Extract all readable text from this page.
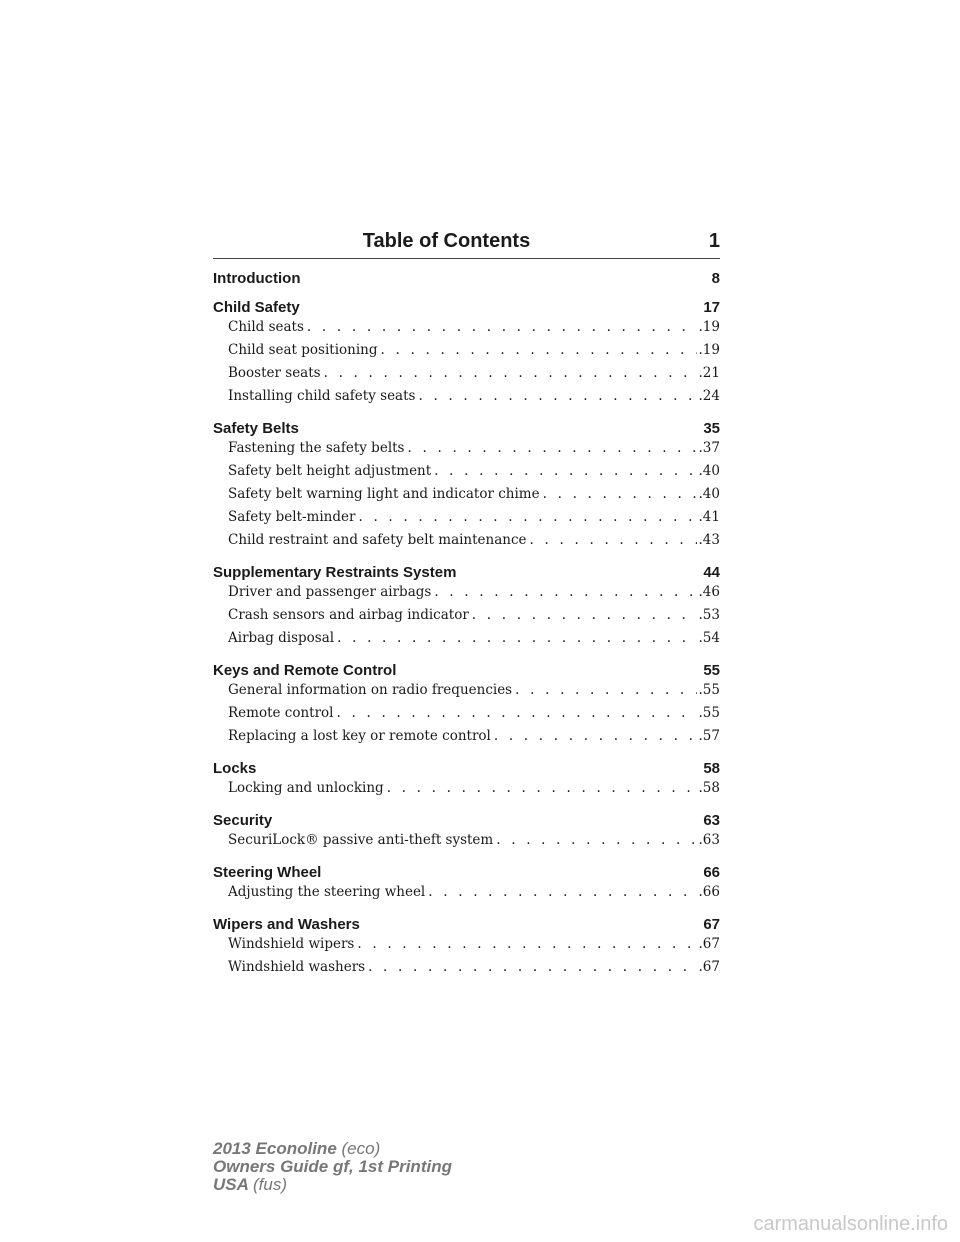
Table of Contents	1
Introduction	8
Child Safety	17
Child seats . . .	.19
Child seat positioning . . .	.19
Booster seats . . .	.21
Installing child safety seats . . .	.24
Safety Belts	35
Fastening the safety belts . . .	.37
Safety belt height adjustment . . .	.40
Safety belt warning light and indicator chime . . .	.40
Safety belt-minder . . .	.41
Child restraint and safety belt maintenance . . .	.43
Supplementary Restraints System	44
Driver and passenger airbags . . .	.46
Crash sensors and airbag indicator . . .	.53
Airbag disposal . . .	.54
Keys and Remote Control	55
General information on radio frequencies . . .	.55
Remote control . . .	.55
Replacing a lost key or remote control . . .	.57
Locks	58
Locking and unlocking . . .	.58
Security	63
SecuriLock® passive anti-theft system . . .	.63
Steering Wheel	66
Adjusting the steering wheel . . .	.66
Wipers and Washers	67
Windshield wipers . . .	.67
Windshield washers . . .	.67
2013 Econoline (eco)
Owners Guide gf, 1st Printing
USA (fus)
carmanualsonline.info
